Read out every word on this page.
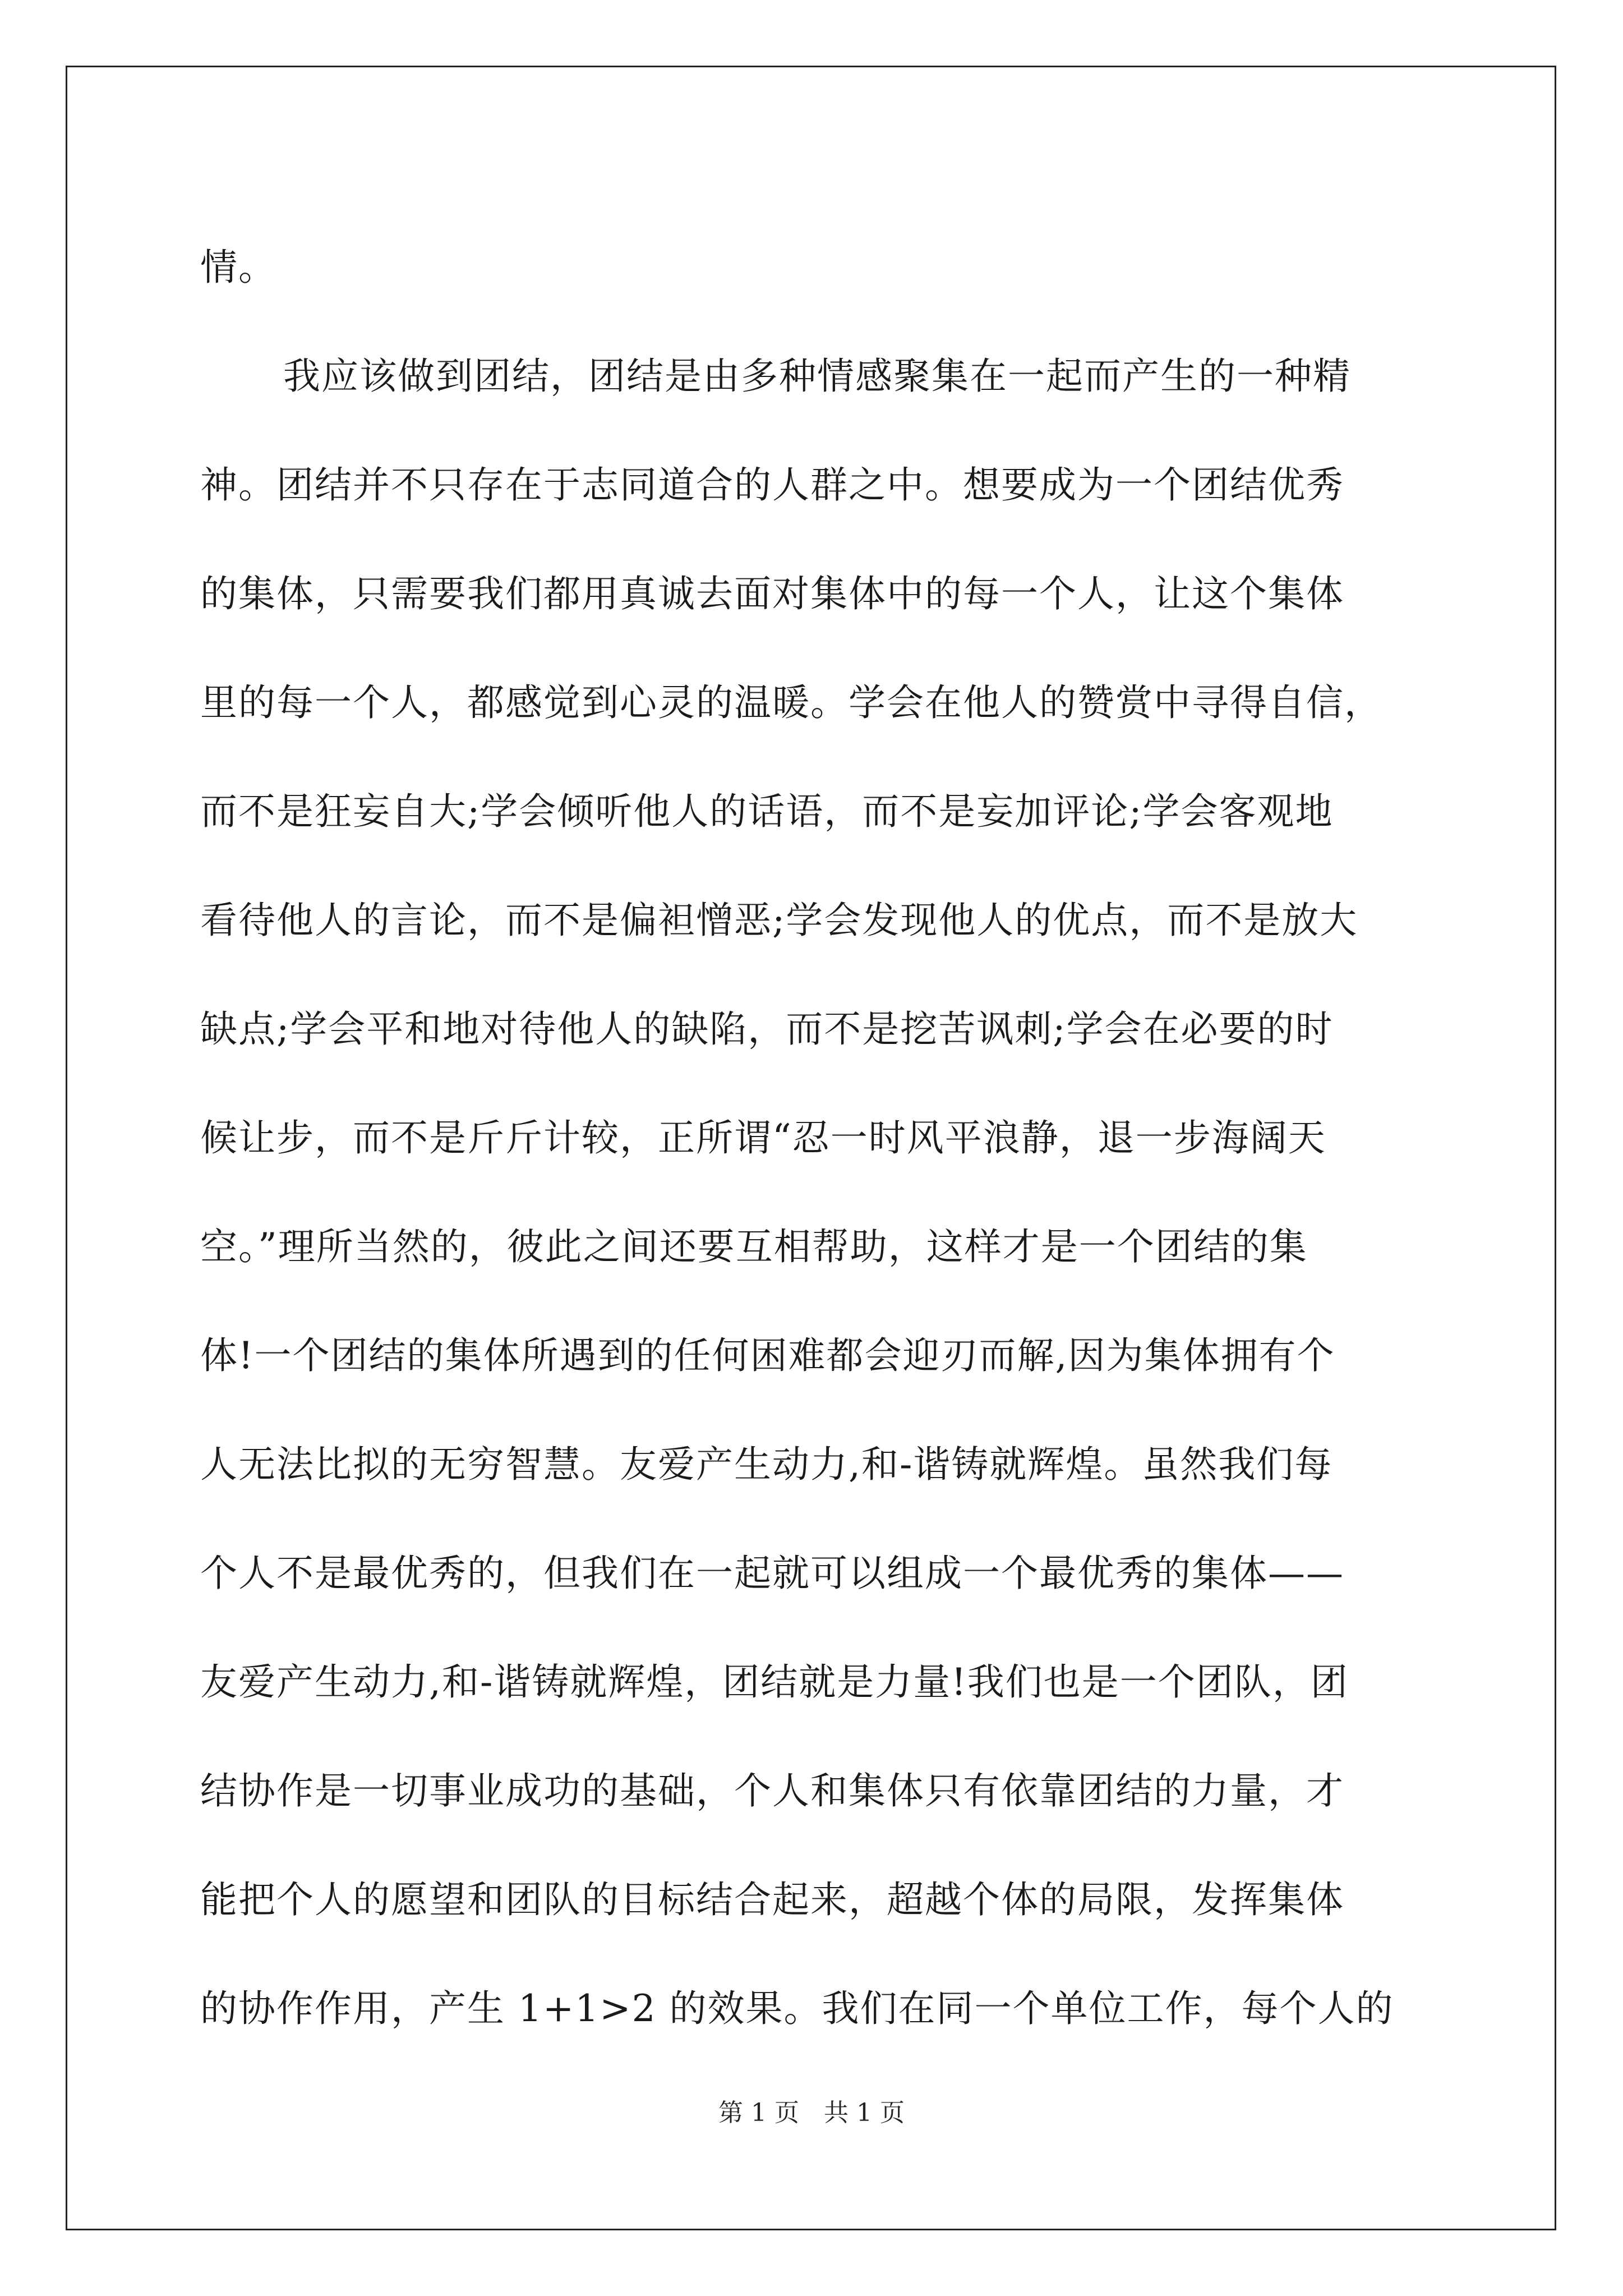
情。
我应该做到团结，团结是由多种情感聚集在一起而产生的一种精
神。团结并不只存在于志同道合的人群之中。想要成为一个团结优秀
的集体，只需要我们都用真诚去面对集体中的每一个人，让这个集体
里的每一个人，都感觉到心灵的温暖。学会在他人的赞赏中寻得自信，
而不是狂妄自大;学会倾听他人的话语，而不是妄加评论;学会客观地
看待他人的言论，而不是偏袒憎恶;学会发现他人的优点，而不是放大
缺点;学会平和地对待他人的缺陷，而不是挖苦讽刺;学会在必要的时
候让步，而不是斤斤计较，正所谓“忍一时风平浪静，退一步海阔天
空。”理所当然的，彼此之间还要互相帮助，这样才是一个团结的集
体!一个团结的集体所遇到的任何困难都会迎刃而解,因为集体拥有个
人无法比拟的无穷智慧。友爱产生动力,和-谐铸就辉煌。虽然我们每
个人不是最优秀的，但我们在一起就可以组成一个最优秀的集体——
友爱产生动力,和-谐铸就辉煌，团结就是力量!我们也是一个团队，团
结协作是一切事业成功的基础，个人和集体只有依靠团结的力量，才
能把个人的愿望和团队的目标结合起来，超越个体的局限，发挥集体
的协作作用，产生 1+1>2 的效果。我们在同一个单位工作，每个人的
第 1 页　共 1 页
